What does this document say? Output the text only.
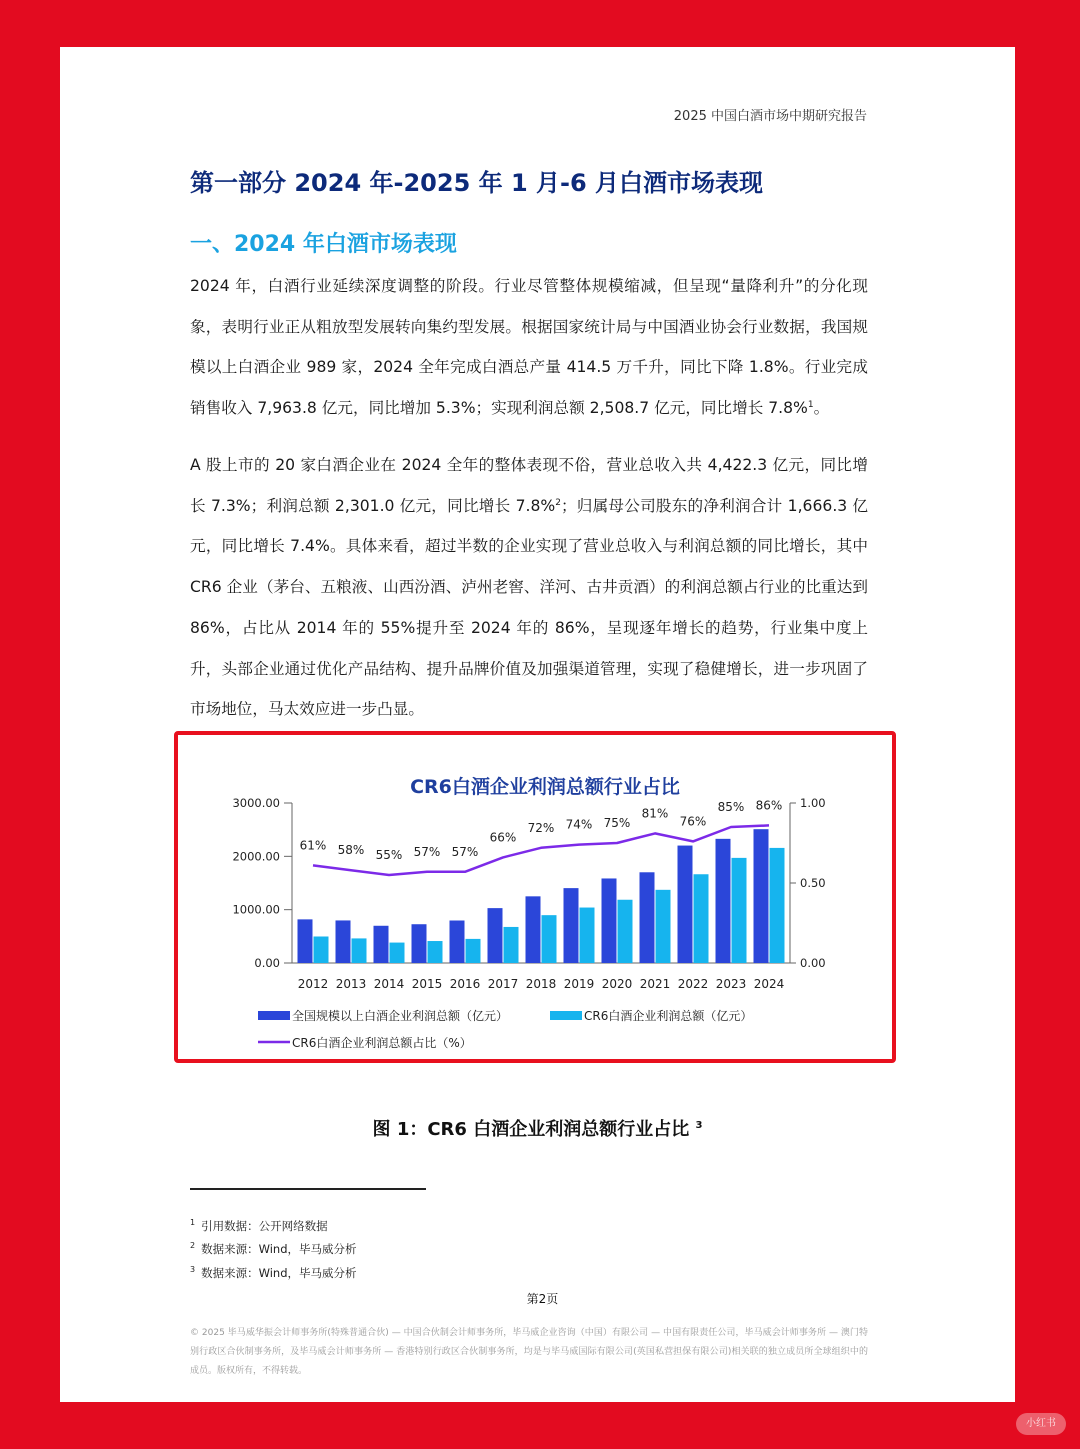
2025 中国白酒市场中期研究报告
第一部分 2024 年-2025 年 1 月-6 月白酒市场表现
一、2024 年白酒市场表现
2024 年，白酒行业延续深度调整的阶段。行业尽管整体规模缩减，但呈现“量降利升”的分化现象，表明行业正从粗放型发展转向集约型发展。根据国家统计局与中国酒业协会行业数据，我国规模以上白酒企业 989 家，2024 全年完成白酒总产量 414.5 万千升，同比下降 1.8%。行业完成销售收入 7,963.8 亿元，同比增加 5.3%；实现利润总额 2,508.7 亿元，同比增长 7.8%$^1$。
A 股上市的 20 家白酒企业在 2024 全年的整体表现不俗，营业总收入共 4,422.3 亿元，同比增长 7.3%；利润总额 2,301.0 亿元，同比增长 7.8%$^2$；归属母公司股东的净利润合计 1,666.3 亿元，同比增长 7.4%。具体来看，超过半数的企业实现了营业总收入与利润总额的同比增长，其中 CR6 企业（茅台、五粮液、山西汾酒、泸州老窖、洋河、古井贡酒）的利润总额占行业的比重达到 86%，占比从 2014 年的 55%提升至 2024 年的 86%，呈现逐年增长的趋势，行业集中度上升，头部企业通过优化产品结构、提升品牌价值及加强渠道管理，实现了稳健增长，进一步巩固了市场地位，马太效应进一步凸显。
CR6白酒企业利润总额行业占比
0.00
1000.00
2000.00
3000.00
0.00
0.50
1.00
2012 2013 2014 2015 2016 2017 2018 2019 2020 2021 2022 2023 2024
61% 58% 55% 57% 57%
66%
72% 74% 75%
81%
76%
85% 86%
全国规模以上白酒企业利润总额（亿元）	CR6白酒企业利润总额（亿元）
CR6白酒企业利润总额占比（%）
图 1：CR6 白酒企业利润总额行业占比 $^3$
$^1$ 引用数据：公开网络数据
$^2$ 数据来源：Wind，毕马威分析
$^3$ 数据来源：Wind，毕马威分析
第2页
© 2025 毕马威华振会计师事务所(特殊普通合伙) — 中国合伙制会计师事务所，毕马威企业咨询（中国）有限公司 — 中国有限责任公司，毕马威会计师事务所 — 澳门特别行政区合伙制事务所，及毕马威会计师事务所 — 香港特别行政区合伙制事务所，均是与毕马威国际有限公司(英国私营担保有限公司)相关联的独立成员所全球组织中的成员。版权所有，不得转载。
小红书
